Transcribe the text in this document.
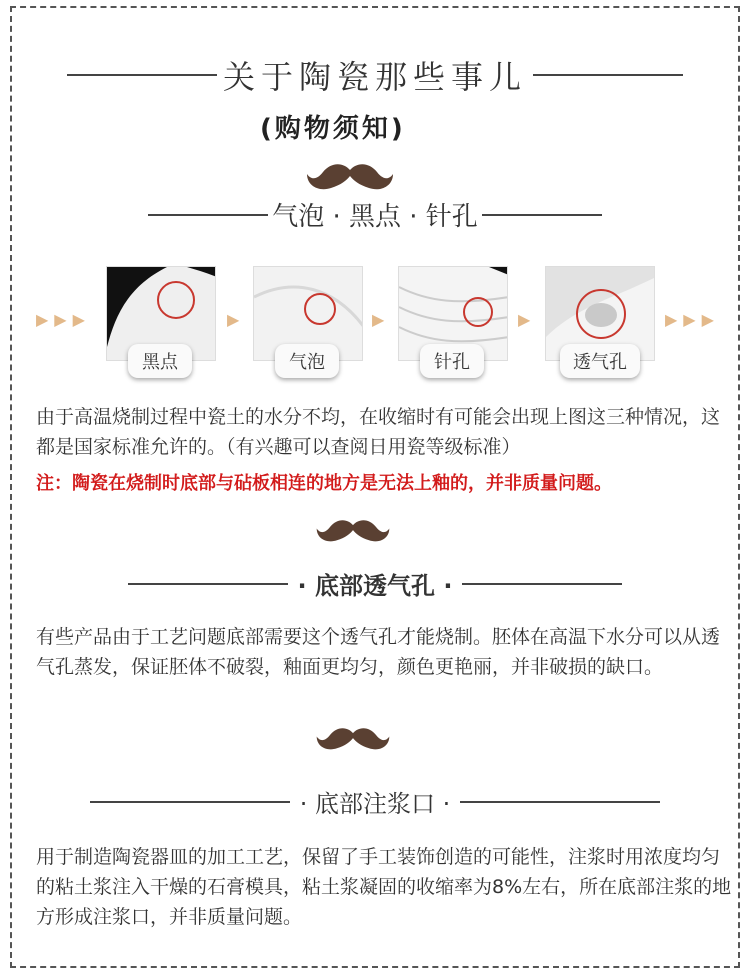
关于陶瓷那些事儿
(购物须知)
气泡 · 黑点 · 针孔
▶▶▶	▶▶▶
▶	▶	▶
黑点	气泡	针孔	透气孔
由于高温烧制过程中瓷土的水分不均，在收缩时有可能会出现上图这三种情况，这都是国家标准允许的。（有兴趣可以查阅日用瓷等级标准）
注：陶瓷在烧制时底部与砧板相连的地方是无法上釉的，并非质量问题。
· 底部透气孔 ·
有些产品由于工艺问题底部需要这个透气孔才能烧制。胚体在高温下水分可以从透气孔蒸发，保证胚体不破裂，釉面更均匀，颜色更艳丽，并非破损的缺口。
· 底部注浆口 ·
用于制造陶瓷器皿的加工工艺，保留了手工装饰创造的可能性，注浆时用浓度均匀的粘土浆注入干燥的石膏模具，粘土浆凝固的收缩率为8%左右，所在底部注浆的地方形成注浆口，并非质量问题。
